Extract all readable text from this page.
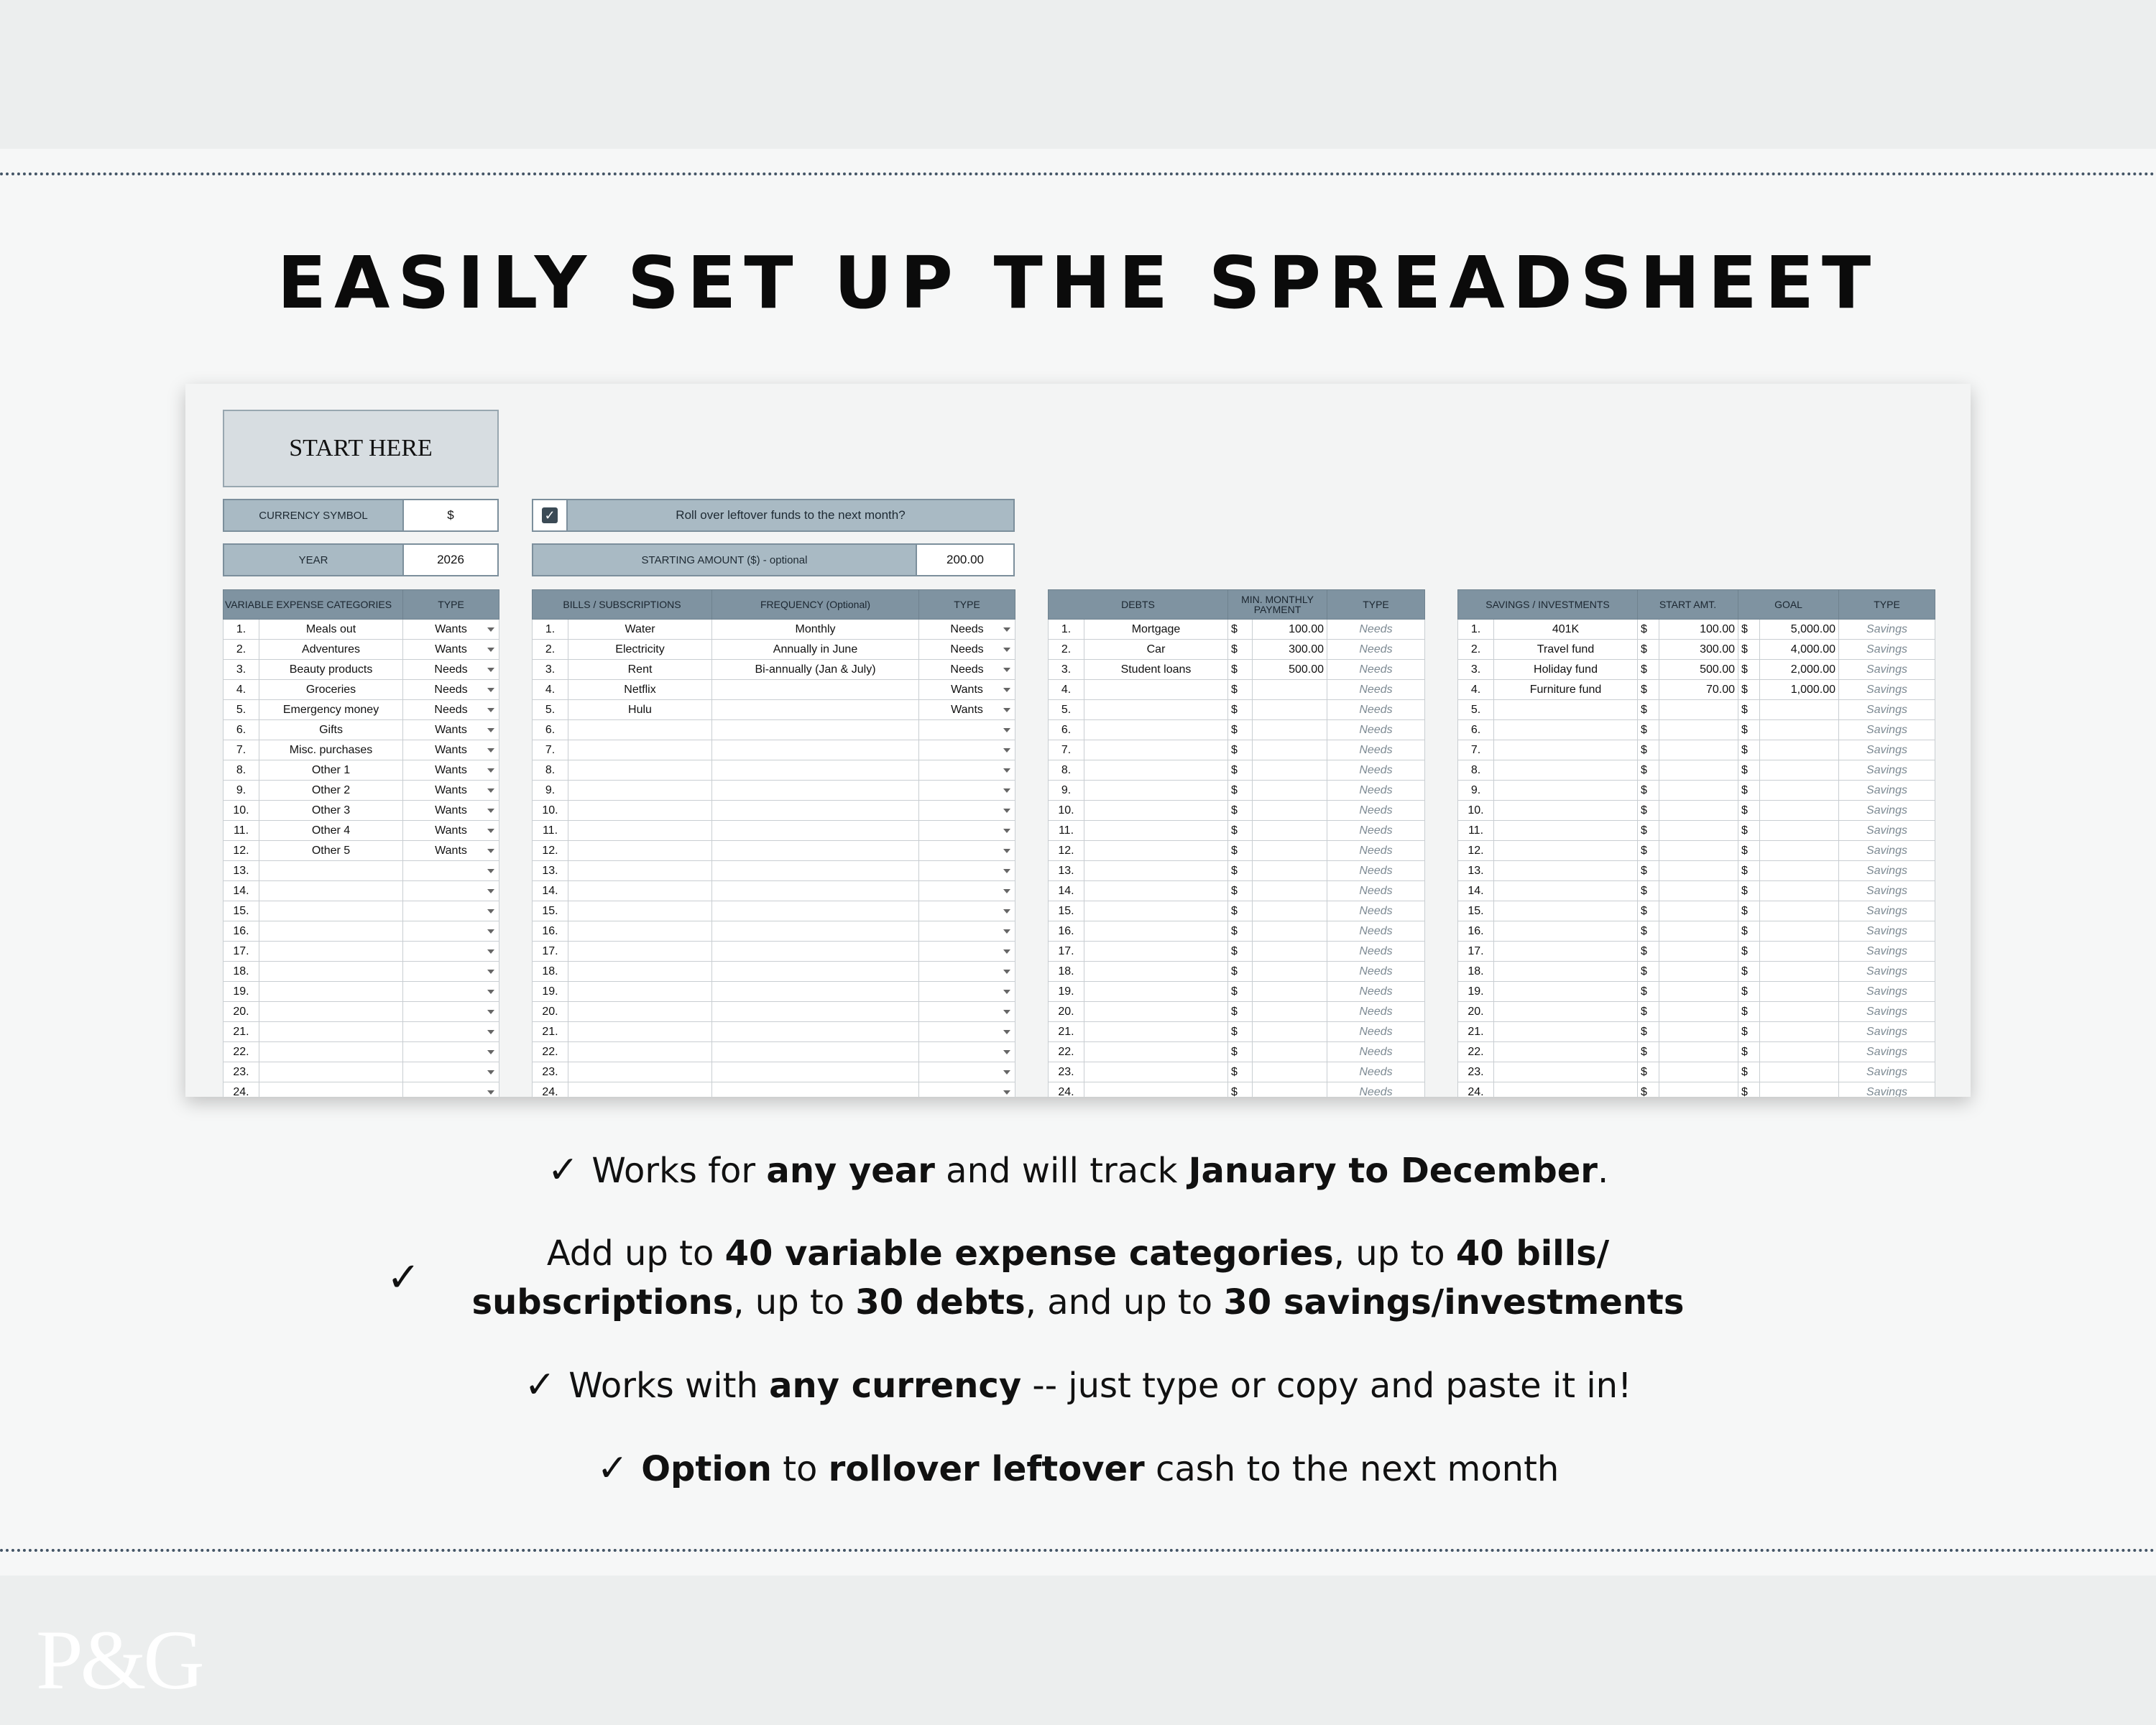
EASILY SET UP THE SPREADSHEET
START HERE
CURRENCY SYMBOL	$
YEAR	2026
✓	Roll over leftover funds to the next month?
STARTING AMOUNT ($) - optional	200.00
VARIABLE EXPENSE CATEGORIES		TYPE
1.	Meals out	Wants

2.	Adventures	Wants

3.	Beauty products	Needs

4.	Groceries	Needs

5.	Emergency money	Needs

6.	Gifts	Wants

7.	Misc. purchases	Wants

8.	Other 1	Wants

9.	Other 2	Wants

10.	Other 3	Wants

11.	Other 4	Wants

12.	Other 5	Wants

13.		

14.		

15.		

16.		

17.		

18.		

19.		

20.		

21.		

22.		

23.		

24.		
BILLS / SUBSCRIPTIONS		FREQUENCY (Optional)	TYPE
1.	Water	Monthly	Needs

2.	Electricity	Annually in June	Needs

3.	Rent	Bi-annually (Jan & July)	Needs

4.	Netflix		Wants

5.	Hulu		Wants

6.			

7.			

8.			

9.			

10.			

11.			

12.			

13.			

14.			

15.			

16.			

17.			

18.			

19.			

20.			

21.			

22.			

23.			

24.			
DEBTS		MIN. MONTHLY PAYMENT		TYPE
1.	Mortgage	$	100.00	Needs
2.	Car	$	300.00	Needs
3.	Student loans	$	500.00	Needs
4.		$		Needs
5.		$		Needs
6.		$		Needs
7.		$		Needs
8.		$		Needs
9.		$		Needs
10.		$		Needs
11.		$		Needs
12.		$		Needs
13.		$		Needs
14.		$		Needs
15.		$		Needs
16.		$		Needs
17.		$		Needs
18.		$		Needs
19.		$		Needs
20.		$		Needs
21.		$		Needs
22.		$		Needs
23.		$		Needs
24.		$		Needs
SAVINGS / INVESTMENTS		START AMT.		GOAL		TYPE
1.	401K	$	100.00	$	5,000.00	Savings
2.	Travel fund	$	300.00	$	4,000.00	Savings
3.	Holiday fund	$	500.00	$	2,000.00	Savings
4.	Furniture fund	$	70.00	$	1,000.00	Savings
5.		$		$		Savings
6.		$		$		Savings
7.		$		$		Savings
8.		$		$		Savings
9.		$		$		Savings
10.		$		$		Savings
11.		$		$		Savings
12.		$		$		Savings
13.		$		$		Savings
14.		$		$		Savings
15.		$		$		Savings
16.		$		$		Savings
17.		$		$		Savings
18.		$		$		Savings
19.		$		$		Savings
20.		$		$		Savings
21.		$		$		Savings
22.		$		$		Savings
23.		$		$		Savings
24.		$		$		Savings
✓ Works for any year and will track January to December.
✓
Add up to 40 variable expense categories, up to 40 bills/
subscriptions, up to 30 debts, and up to 30 savings/investments
✓ Works with any currency -- just type or copy and paste it in!
✓ Option to rollover leftover cash to the next month
P&G
